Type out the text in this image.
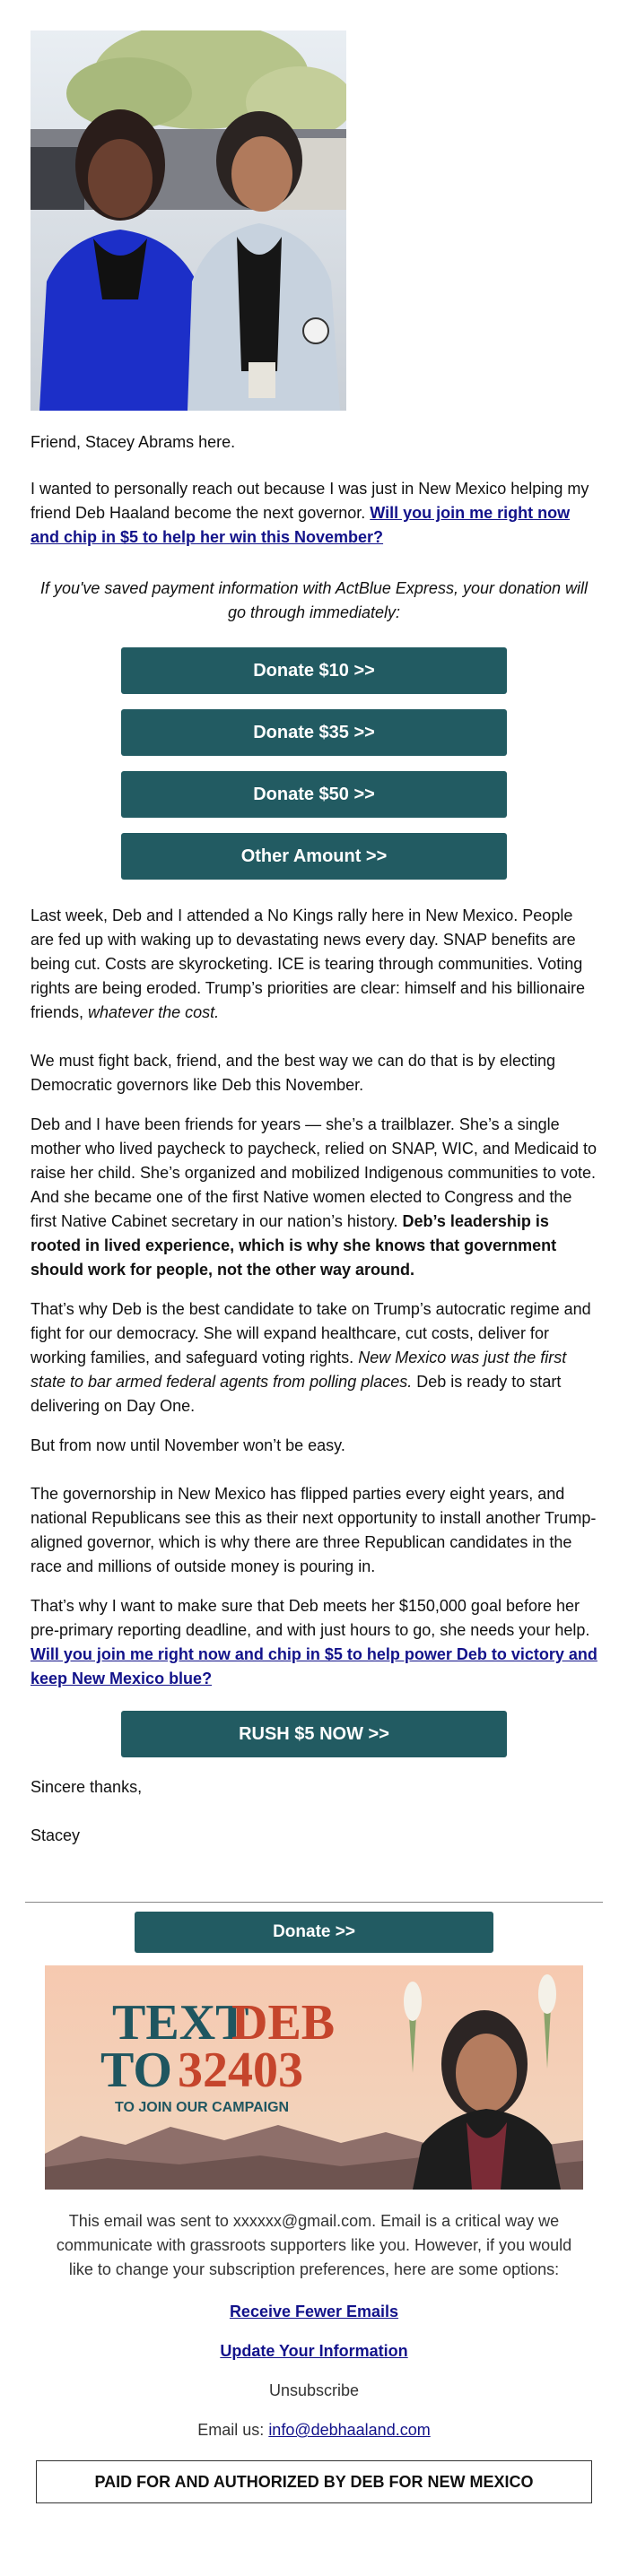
Friend, Stacey Abrams here.

I wanted to personally reach out because I was just in New Mexico helping my friend Deb Haaland become the next governor. Will you join me right now and chip in $5 to help her win this November?

If you've saved payment information with ActBlue Express, your donation will go through immediately:
Donate $10 >>
Donate $35 >>
Donate $50 >>
Other Amount >>

Last week, Deb and I attended a No Kings rally here in New Mexico. People are fed up with waking up to devastating news every day. SNAP benefits are being cut. Costs are skyrocketing. ICE is tearing through communities. Voting rights are being eroded. Trump’s priorities are clear: himself and his billionaire friends, whatever the cost.

We must fight back, friend, and the best way we can do that is by electing Democratic governors like Deb this November.

Deb and I have been friends for years — she’s a trailblazer. She’s a single mother who lived paycheck to paycheck, relied on SNAP, WIC, and Medicaid to raise her child. She’s organized and mobilized Indigenous communities to vote. And she became one of the first Native women elected to Congress and the first Native Cabinet secretary in our nation’s history. Deb’s leadership is rooted in lived experience, which is why she knows that government should work for people, not the other way around.

That’s why Deb is the best candidate to take on Trump’s autocratic regime and fight for our democracy. She will expand healthcare, cut costs, deliver for working families, and safeguard voting rights. New Mexico was just the first state to bar armed federal agents from polling places. Deb is ready to start delivering on Day One.

But from now until November won’t be easy.

The governorship in New Mexico has flipped parties every eight years, and national Republicans see this as their next opportunity to install another Trump-aligned governor, which is why there are three Republican candidates in the race and millions of outside money is pouring in.

That’s why I want to make sure that Deb meets her $150,000 goal before her pre-primary reporting deadline, and with just hours to go, she needs your help. Will you join me right now and chip in $5 to help power Deb to victory and keep New Mexico blue?

RUSH $5 NOW >>

Sincere thanks,

Stacey

Donate >>
TEXT
DEB
TO 32403
TO JOIN OUR CAMPAIGN
This email was sent to xxxxxx@gmail.com. Email is a critical way we communicate with grassroots supporters like you. However, if you would like to change your subscription preferences, here are some options:
Receive Fewer Emails
Update Your Information
Unsubscribe
Email us: info@debhaaland.com
PAID FOR AND AUTHORIZED BY DEB FOR NEW MEXICO
